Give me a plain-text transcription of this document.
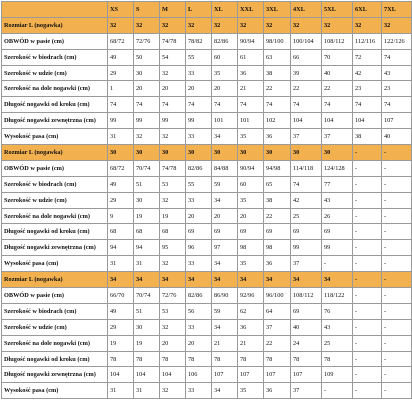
	XS	S	M	L	XL	XXL	3XL	4XL	5XL	6XL	7XL
Rozmiar L (nogawka)	32	32	32	32	32	32	32	32	32	32	32
OBWÓD w pasie (cm)	68/72	72/76	74/78	78/82	82/86	90/94	98/100	100/104	108/112	112/116	122/126
Szerokość w biodrach (cm)	49	50	54	55	60	61	63	66	70	72	74
Szerokość w udzie (cm)	29	30	32	33	35	36	38	39	40	42	43
Szerokość na dole nogawki (cm)	1	20	20	20	20	21	22	22	22	23	23
Długość nogawki od kroku (cm)	74	74	74	74	74	74	74	74	74	74	74
Długość nogawki zewnętrzna (cm)	99	99	99	99	101	101	102	104	104	104	107
Wysokość pasa (cm)	31	32	32	33	34	35	36	37	37	38	40
Rozmiar L (nogawka)	30	30	30	30	30	30	30	30	30	-	-
OBWÓD w pasie (cm)	68/72	70/74	74/78	82/86	84/88	90/94	94/98	114/118	124/128	-	-
Szerokość w biodrach (cm)	49	51	53	55	59	60	65	74	77	-	-
Szerokość w udzie (cm)	29	30	32	33	34	35	38	42	43	-	-
Szerokość na dole nogawki (cm)	9	19	19	20	20	20	22	25	26	-	-
Długość nogawki od kroku (cm)	68	68	68	69	69	69	69	69	69	-	-
Długość nogawki zewnętrzna (cm)	94	94	95	96	97	98	98	99	99	-	-
Wysokość pasa (cm)	31	31	32	33	34	35	36	37	-	-	-
Rozmiar L (nogawka)	34	34	34	34	34	34	34	34	34	-	-
OBWÓD w pasie (cm)	66/70	70/74	72/76	82/86	86/90	92/96	96/100	108/112	118/122	-	-
Szerokość w biodrach (cm)	49	51	53	56	59	62	64	69	76	-	-
Szerokość w udzie (cm)	29	30	32	33	34	36	37	40	43	-	-
Szerokość na dole nogawki (cm)	19	19	20	20	21	21	22	24	25	-	-
Długość nogawki od kroku (cm)	78	78	78	78	78	78	78	78	78	-	-
Długość nogawki zewnętrzna (cm)	104	104	104	106	107	107	107	107	109	-	-
Wysokość pasa (cm)	31	31	32	33	34	35	36	37	-	-	-
